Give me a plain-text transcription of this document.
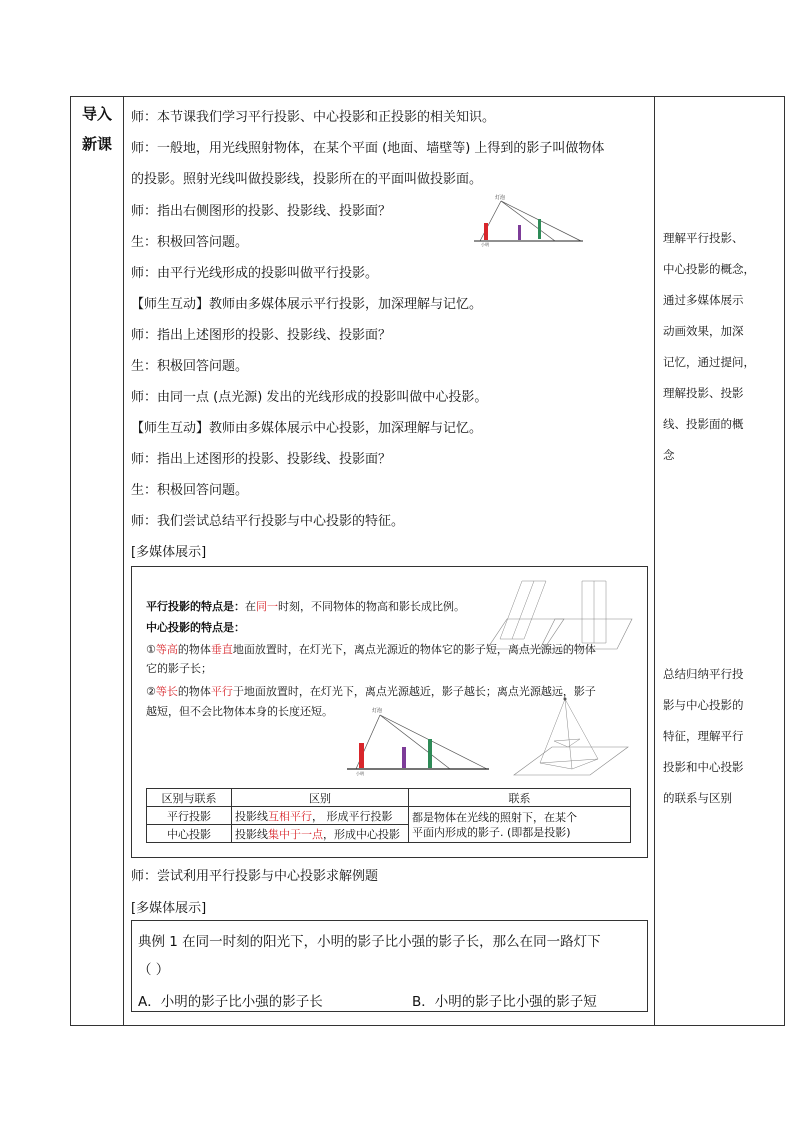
导入
新课
师：本节课我们学习平行投影、中心投影和正投影的相关知识。
师：一般地，用光线照射物体，在某个平面 (地面、墙壁等) 上得到的影子叫做物体
的投影。照射光线叫做投影线，投影所在的平面叫做投影面。
师：指出右侧图形的投影、投影线、投影面？
生：积极回答问题。
师：由平行光线形成的投影叫做平行投影。
【师生互动】教师由多媒体展示平行投影，加深理解与记忆。
师：指出上述图形的投影、投影线、投影面？
生：积极回答问题。
师：由同一点 (点光源) 发出的光线形成的投影叫做中心投影。
【师生互动】教师由多媒体展示中心投影，加深理解与记忆。
师：指出上述图形的投影、投影线、投影面？
生：积极回答问题。
师：我们尝试总结平行投影与中心投影的特征。
[多媒体展示]
灯泡
小明
平行投影的特点是：在同一时刻，不同物体的物高和影长成比例。
中心投影的特点是：
①等高的物体垂直地面放置时，在灯光下，离点光源近的物体它的影子短，离点光源远的物体
它的影子长；
②等长的物体平行于地面放置时，在灯光下，离点光源越近，影子越长；离点光源越远，影子
越短，但不会比物体本身的长度还短。	灯泡
小明
区别与联系	区别	联系
平行投影	投影线互相平行， 形成平行投影	都是物体在光线的照射下，在某个
平面内形成的影子. (即都是投影)

中心投影	投影线集中于一点，形成中心投影	
师：尝试利用平行投影与中心投影求解例题
[多媒体展示]
典例 1 在同一时刻的阳光下，小明的影子比小强的影子长，那么在同一路灯下
（ ）
A．小明的影子比小强的影子长	B．小明的影子比小强的影子短
理解平行投影、
中心投影的概念，
通过多媒体展示
动画效果，加深
记忆，通过提问，
理解投影、投影
线、投影面的概
念
总结归纳平行投
影与中心投影的
特征，理解平行
投影和中心投影
的联系与区别
